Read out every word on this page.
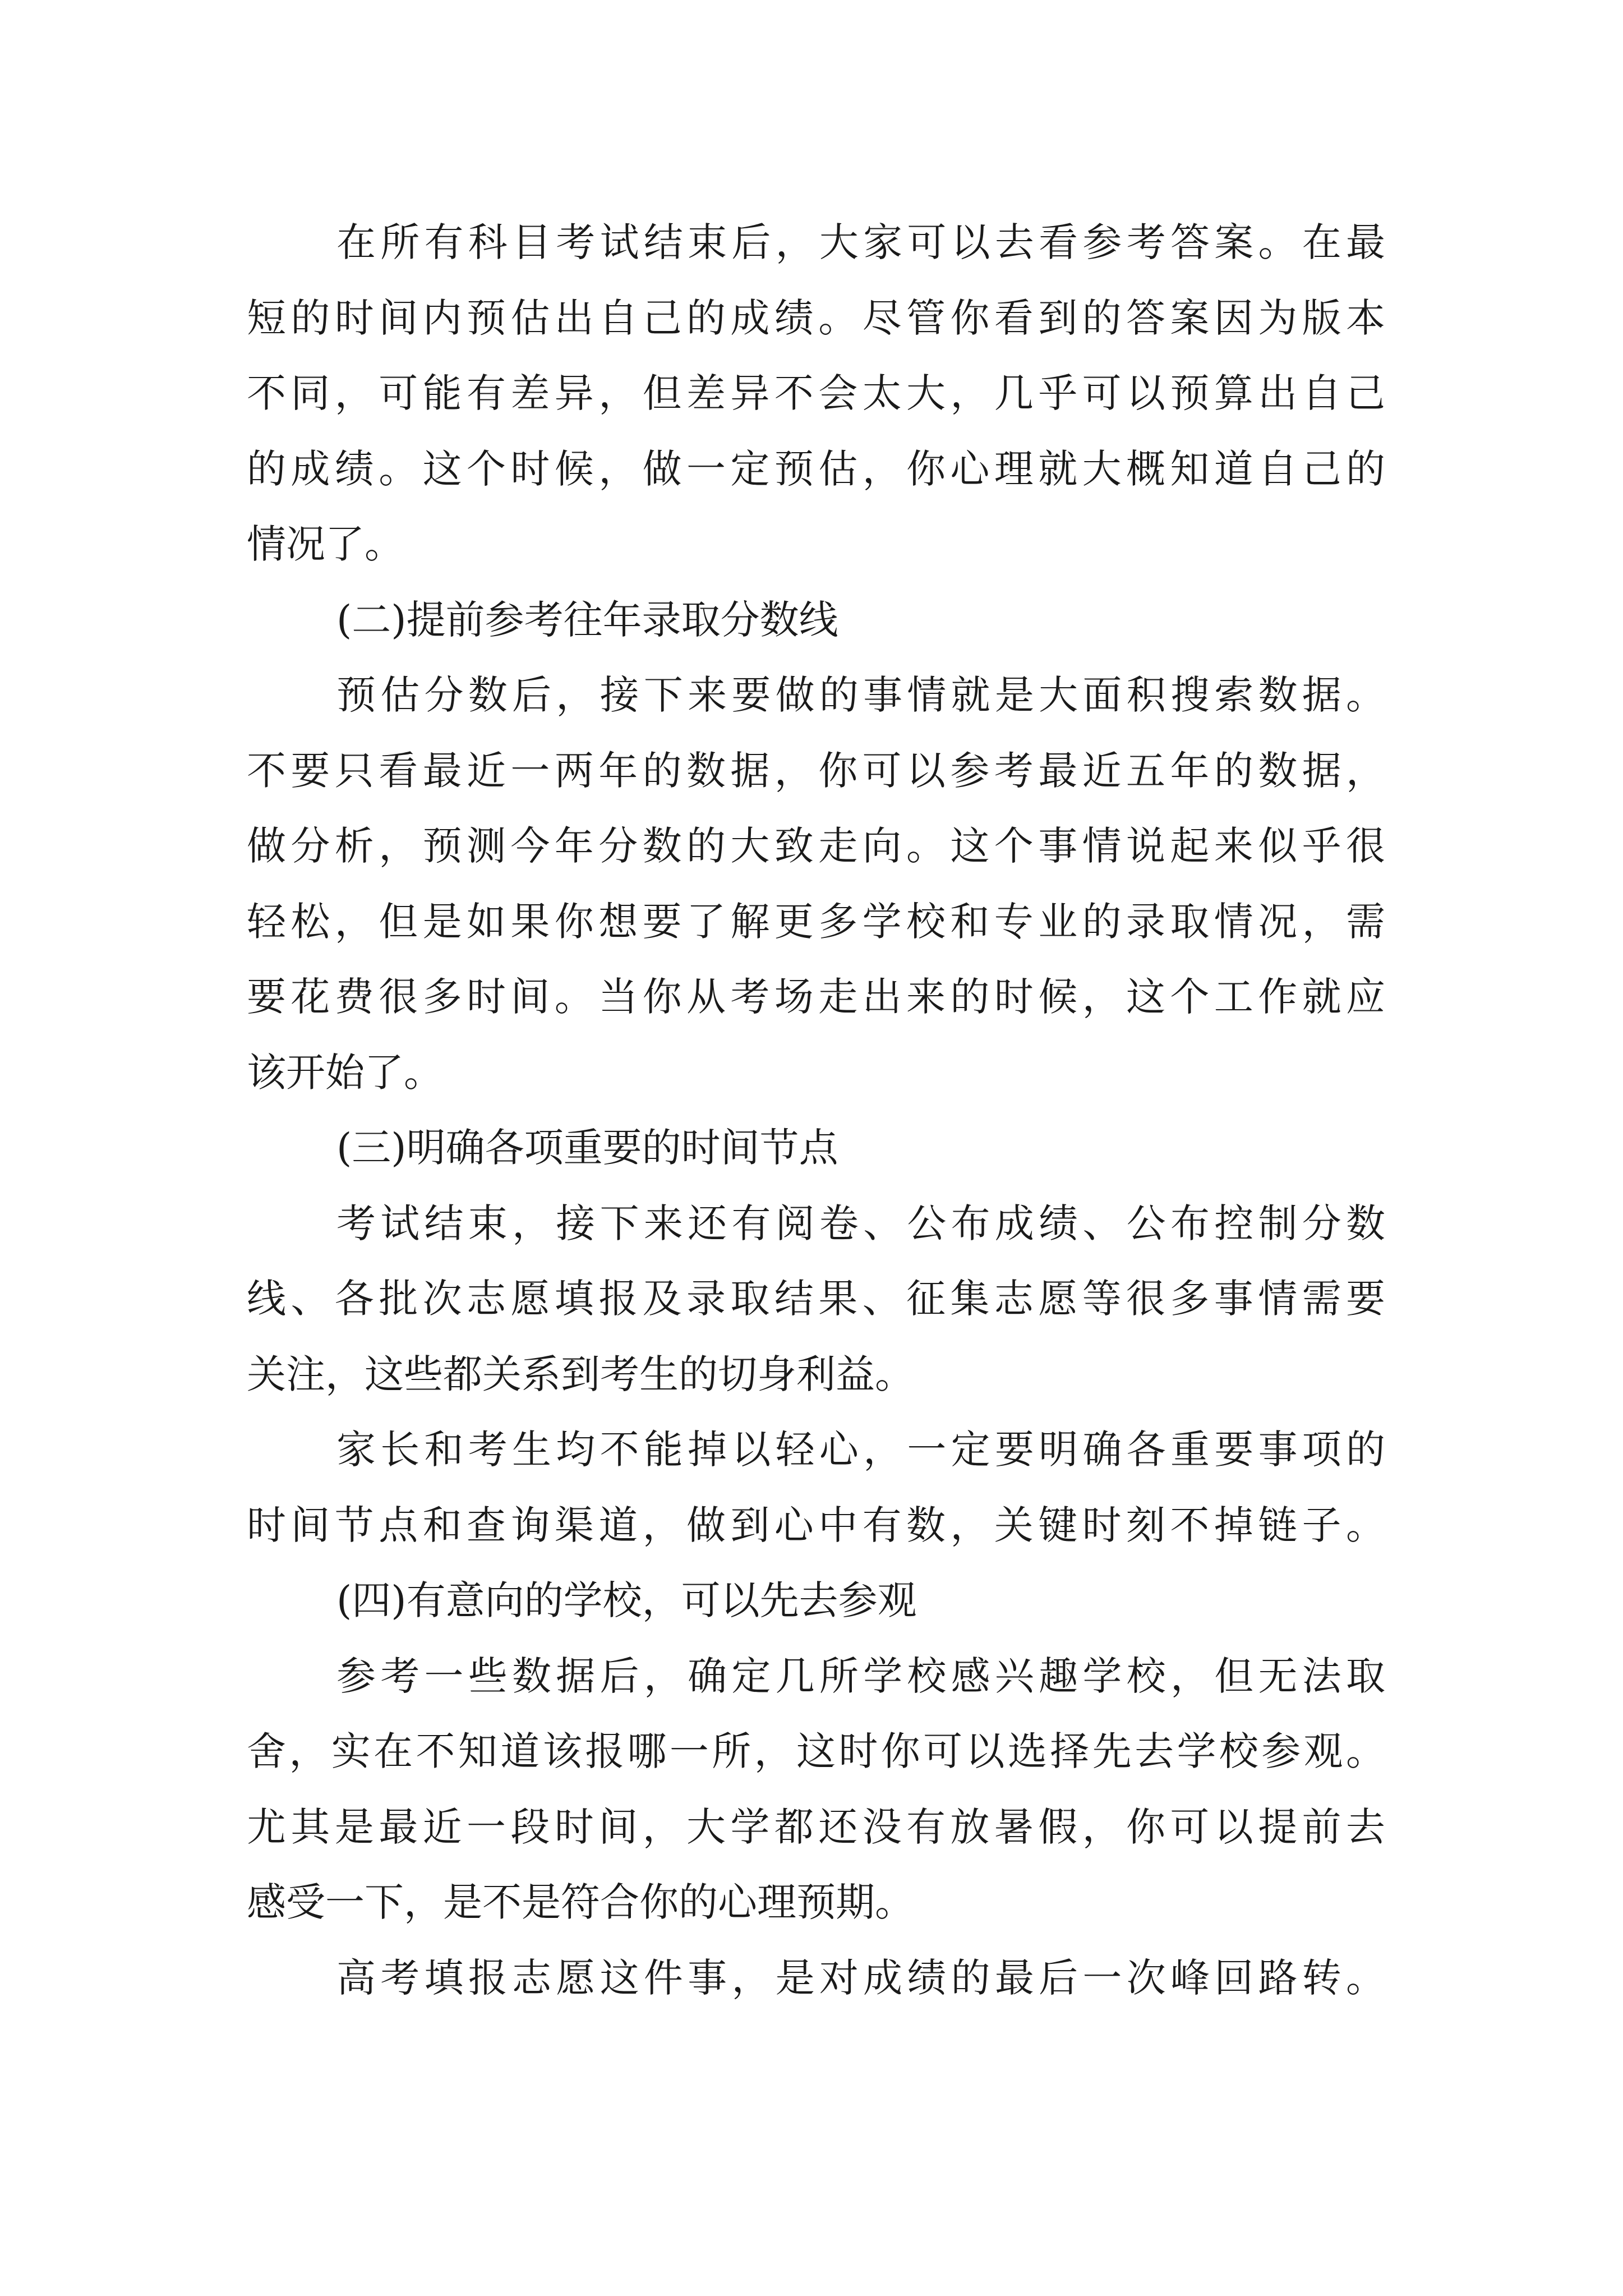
在所有科目考试结束后，大家可以去看参考答案。在最
短的时间内预估出自己的成绩。尽管你看到的答案因为版本
不同，可能有差异，但差异不会太大，几乎可以预算出自己
的成绩。这个时候，做一定预估，你心理就大概知道自己的
情况了。
(二)提前参考往年录取分数线
预估分数后，接下来要做的事情就是大面积搜索数据。
不要只看最近一两年的数据，你可以参考最近五年的数据，
做分析，预测今年分数的大致走向。这个事情说起来似乎很
轻松，但是如果你想要了解更多学校和专业的录取情况，需
要花费很多时间。当你从考场走出来的时候，这个工作就应
该开始了。
(三)明确各项重要的时间节点
考试结束，接下来还有阅卷、公布成绩、公布控制分数
线、各批次志愿填报及录取结果、征集志愿等很多事情需要
关注，这些都关系到考生的切身利益。
家长和考生均不能掉以轻心，一定要明确各重要事项的
时间节点和查询渠道，做到心中有数，关键时刻不掉链子。
(四)有意向的学校，可以先去参观
参考一些数据后，确定几所学校感兴趣学校，但无法取
舍，实在不知道该报哪一所，这时你可以选择先去学校参观。
尤其是最近一段时间，大学都还没有放暑假，你可以提前去
感受一下，是不是符合你的心理预期。
高考填报志愿这件事，是对成绩的最后一次峰回路转。
